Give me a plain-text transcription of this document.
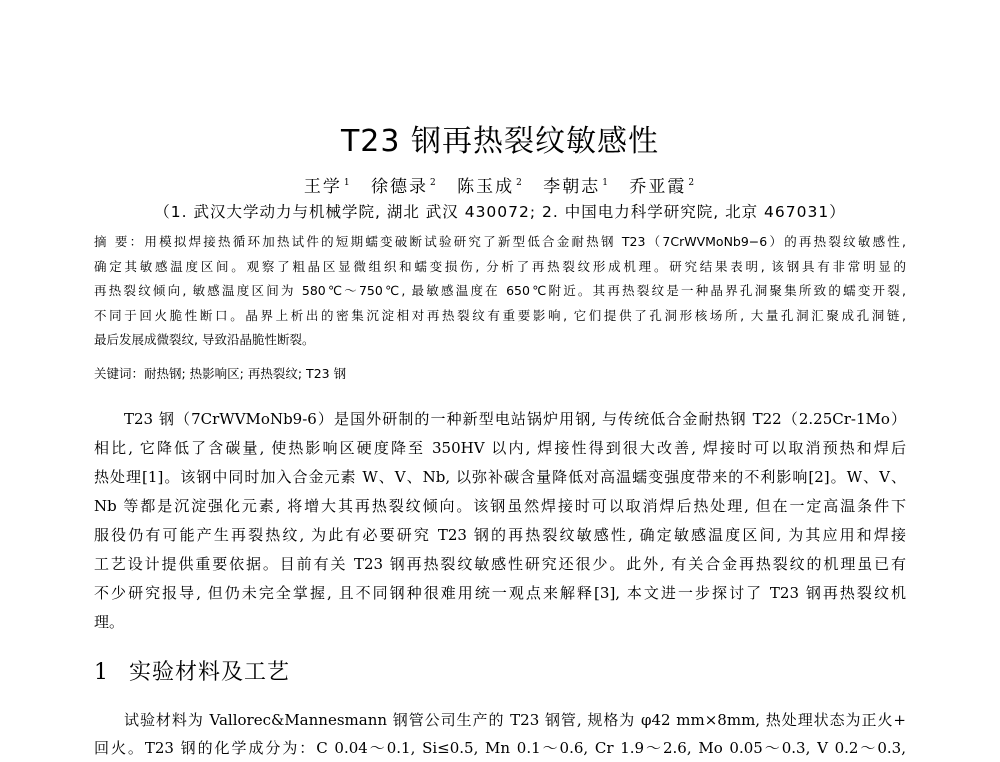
T23 钢再热裂纹敏感性
王学 $^1$ 徐德录 $^2$ 陈玉成 $^2$ 李朝志 $^1$ 乔亚霞 $^2$
（1. 武汉大学动力与机械学院, 湖北 武汉 430072; 2. 中国电力科学研究院, 北京 467031）
摘 要：用模拟焊接热循环加热试件的短期蠕变破断试验研究了新型低合金耐热钢 T23（7CrWVMoNb9−6）的再热裂纹敏感性,
确定其敏感温度区间。观察了粗晶区显微组织和蠕变损伤, 分析了再热裂纹形成机理。研究结果表明, 该钢具有非常明显的
再热裂纹倾向, 敏感温度区间为 580℃～750℃, 最敏感温度在 650℃附近。其再热裂纹是一种晶界孔洞聚集所致的蠕变开裂,
不同于回火脆性断口。晶界上析出的密集沉淀相对再热裂纹有重要影响, 它们提供了孔洞形核场所, 大量孔洞汇聚成孔洞链,
最后发展成微裂纹, 导致沿晶脆性断裂。
关键词：耐热钢; 热影响区; 再热裂纹; T23 钢
T23 钢（7CrWVMoNb9-6）是国外研制的一种新型电站锅炉用钢, 与传统低合金耐热钢 T22（2.25Cr-1Mo）
相比, 它降低了含碳量, 使热影响区硬度降至 350HV 以内, 焊接性得到很大改善, 焊接时可以取消预热和焊后
热处理[1]。该钢中同时加入合金元素 W、V、Nb, 以弥补碳含量降低对高温蠕变强度带来的不利影响[2]。W、V、
Nb 等都是沉淀强化元素, 将增大其再热裂纹倾向。该钢虽然焊接时可以取消焊后热处理, 但在一定高温条件下
服役仍有可能产生再裂热纹, 为此有必要研究 T23 钢的再热裂纹敏感性, 确定敏感温度区间, 为其应用和焊接
工艺设计提供重要依据。目前有关 T23 钢再热裂纹敏感性研究还很少。此外, 有关合金再热裂纹的机理虽已有
不少研究报导, 但仍未完全掌握, 且不同钢种很难用统一观点来解释[3], 本文进一步探讨了 T23 钢再热裂纹机
理。
1 实验材料及工艺
试验材料为 Vallorec&Mannesmann 钢管公司生产的 T23 钢管, 规格为 φ42 mm×8mm, 热处理状态为正火+
回火。T23 钢的化学成分为：C 0.04～0.1, Si≤0.5, Mn 0.1～0.6, Cr 1.9～2.6, Mo 0.05～0.3, V 0.2～0.3,
